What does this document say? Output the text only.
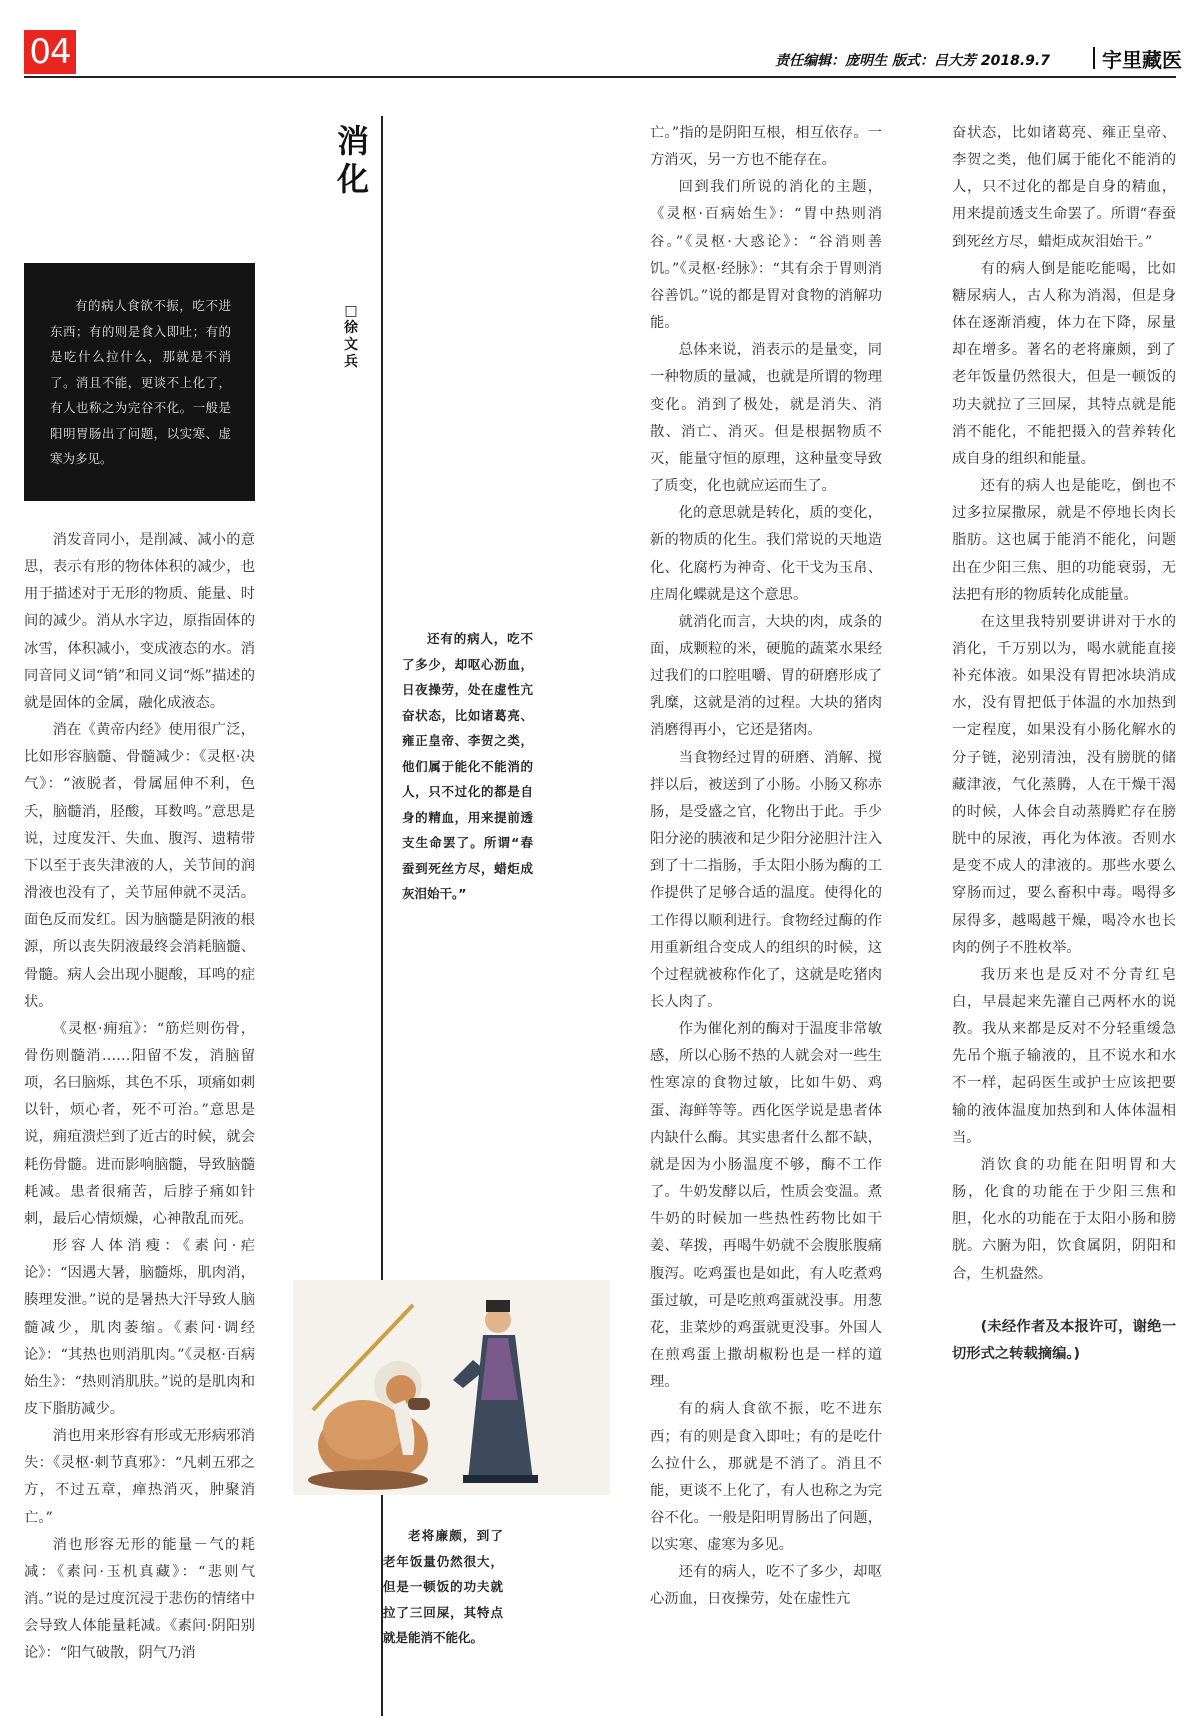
04	责任编辑：庞明生 版式：吕大芳 2018.9.7	宇里藏医
消
化
□
徐
文
兵

有的病人食欲不振，吃不进东西；有的则是食入即吐；有的是吃什么拉什么，那就是不消了。消且不能，更谈不上化了，有人也称之为完谷不化。一般是阳明胃肠出了问题，以实寒、虚寒为多见。

消发音同小，是削减、减小的意思，表示有形的物体体积的减少，也用于描述对于无形的物质、能量、时间的减少。消从水字边，原指固体的冰雪，体积减小，变成液态的水。消同音同义词“销”和同义词“烁”描述的就是固体的金属，融化成液态。

消在《黄帝内经》使用很广泛，比如形容脑髓、骨髓减少：《灵枢·决气》：“液脱者，骨属屈伸不利，色夭，脑髓消，胫酸，耳数鸣。”意思是说，过度发汗、失血、腹泻、遗精带下以至于丧失津液的人，关节间的润滑液也没有了，关节屈伸就不灵活。面色反而发红。因为脑髓是阴液的根源，所以丧失阴液最终会消耗脑髓、骨髓。病人会出现小腿酸，耳鸣的症状。

《灵枢·痈疽》：“筋烂则伤骨，骨伤则髓消……阳留不发，消脑留项，名曰脑烁，其色不乐，项痛如刺以针，烦心者，死不可治。”意思是说，痈疽溃烂到了近古的时候，就会耗伤骨髓。进而影响脑髓，导致脑髓耗减。患者很痛苦，后脖子痛如针刺，最后心情烦燥，心神散乱而死。

形容人体消瘦：《素问·疟论》：“因遇大暑，脑髓烁，肌肉消，腠理发泄。”说的是暑热大汗导致人脑髓减少，肌肉萎缩。《素问·调经论》：“其热也则消肌肉。”《灵枢·百病始生》：“热则消肌肤。”说的是肌肉和皮下脂肪减少。

消也用来形容有形或无形病邪消失：《灵枢·刺节真邪》：“凡刺五邪之方，不过五章，瘅热消灭，肿聚消亡。”

消也形容无形的能量－气的耗减：《素问·玉机真藏》：“悲则气消。”说的是过度沉浸于悲伤的情绪中会导致人体能量耗减。《素问·阴阳别论》：“阳气破散，阴气乃消

还有的病人，吃不了多少，却呕心沥血，日夜操劳，处在虚性亢奋状态，比如诸葛亮、雍正皇帝、李贺之类，他们属于能化不能消的人，只不过化的都是自身的精血，用来提前透支生命罢了。所谓“春蚕到死丝方尽，蜡炬成灰泪始干。”

老将廉颇，到了老年饭量仍然很大，但是一顿饭的功夫就拉了三回屎，其特点就是能消不能化。

亡。”指的是阴阳互根，相互依存。一方消灭，另一方也不能存在。

回到我们所说的消化的主题，《灵枢·百病始生》：“胃中热则消谷。”《灵枢·大惑论》：“谷消则善饥。”《灵枢·经脉》：“其有余于胃则消谷善饥。”说的都是胃对食物的消解功能。

总体来说，消表示的是量变，同一种物质的量减，也就是所谓的物理变化。消到了极处，就是消失、消散、消亡、消灭。但是根据物质不灭，能量守恒的原理，这种量变导致了质变，化也就应运而生了。

化的意思就是转化，质的变化，新的物质的化生。我们常说的天地造化、化腐朽为神奇、化干戈为玉帛、庄周化蝶就是这个意思。

就消化而言，大块的肉，成条的面，成颗粒的米，硬脆的蔬菜水果经过我们的口腔咀嚼、胃的研磨形成了乳糜，这就是消的过程。大块的猪肉消磨得再小，它还是猪肉。

当食物经过胃的研磨、消解、搅拌以后，被送到了小肠。小肠又称赤肠，是受盛之官，化物出于此。手少阳分泌的胰液和足少阳分泌胆汁注入到了十二指肠，手太阳小肠为酶的工作提供了足够合适的温度。使得化的工作得以顺利进行。食物经过酶的作用重新组合变成人的组织的时候，这个过程就被称作化了，这就是吃猪肉长人肉了。

作为催化剂的酶对于温度非常敏感，所以心肠不热的人就会对一些生性寒凉的食物过敏，比如牛奶、鸡蛋、海鲜等等。西化医学说是患者体内缺什么酶。其实患者什么都不缺，就是因为小肠温度不够，酶不工作了。牛奶发酵以后，性质会变温。煮牛奶的时候加一些热性药物比如干姜、荜拨，再喝牛奶就不会腹胀腹痛腹泻。吃鸡蛋也是如此，有人吃煮鸡蛋过敏，可是吃煎鸡蛋就没事。用葱花，韭菜炒的鸡蛋就更没事。外国人在煎鸡蛋上撒胡椒粉也是一样的道理。

有的病人食欲不振，吃不进东西；有的则是食入即吐；有的是吃什么拉什么，那就是不消了。消且不能，更谈不上化了，有人也称之为完谷不化。一般是阳明胃肠出了问题，以实寒、虚寒为多见。

还有的病人，吃不了多少，却呕心沥血，日夜操劳，处在虚性亢

奋状态，比如诸葛亮、雍正皇帝、李贺之类，他们属于能化不能消的人，只不过化的都是自身的精血，用来提前透支生命罢了。所谓“春蚕到死丝方尽，蜡炬成灰泪始干。”

有的病人倒是能吃能喝，比如糖尿病人，古人称为消渴，但是身体在逐渐消瘦，体力在下降，尿量却在增多。著名的老将廉颇，到了老年饭量仍然很大，但是一顿饭的功夫就拉了三回屎，其特点就是能消不能化，不能把摄入的营养转化成自身的组织和能量。

还有的病人也是能吃，倒也不过多拉屎撒尿，就是不停地长肉长脂肪。这也属于能消不能化，问题出在少阳三焦、胆的功能衰弱，无法把有形的物质转化成能量。

在这里我特别要讲讲对于水的消化，千万别以为，喝水就能直接补充体液。如果没有胃把冰块消成水，没有胃把低于体温的水加热到一定程度，如果没有小肠化解水的分子链，泌别清浊，没有膀胱的储藏津液，气化蒸腾，人在干燥干渴的时候，人体会自动蒸腾贮存在膀胱中的尿液，再化为体液。否则水是变不成人的津液的。那些水要么穿肠而过，要么畜积中毒。喝得多尿得多，越喝越干燥，喝冷水也长肉的例子不胜枚举。

我历来也是反对不分青红皂白，早晨起来先灌自己两杯水的说教。我从来都是反对不分轻重缓急先吊个瓶子输液的，且不说水和水不一样，起码医生或护士应该把要输的液体温度加热到和人体体温相当。

消饮食的功能在阳明胃和大肠，化食的功能在于少阳三焦和胆，化水的功能在于太阳小肠和膀胱。六腑为阳，饮食属阴，阴阳和合，生机盎然。

(未经作者及本报许可，谢绝一切形式之转载摘编。)
